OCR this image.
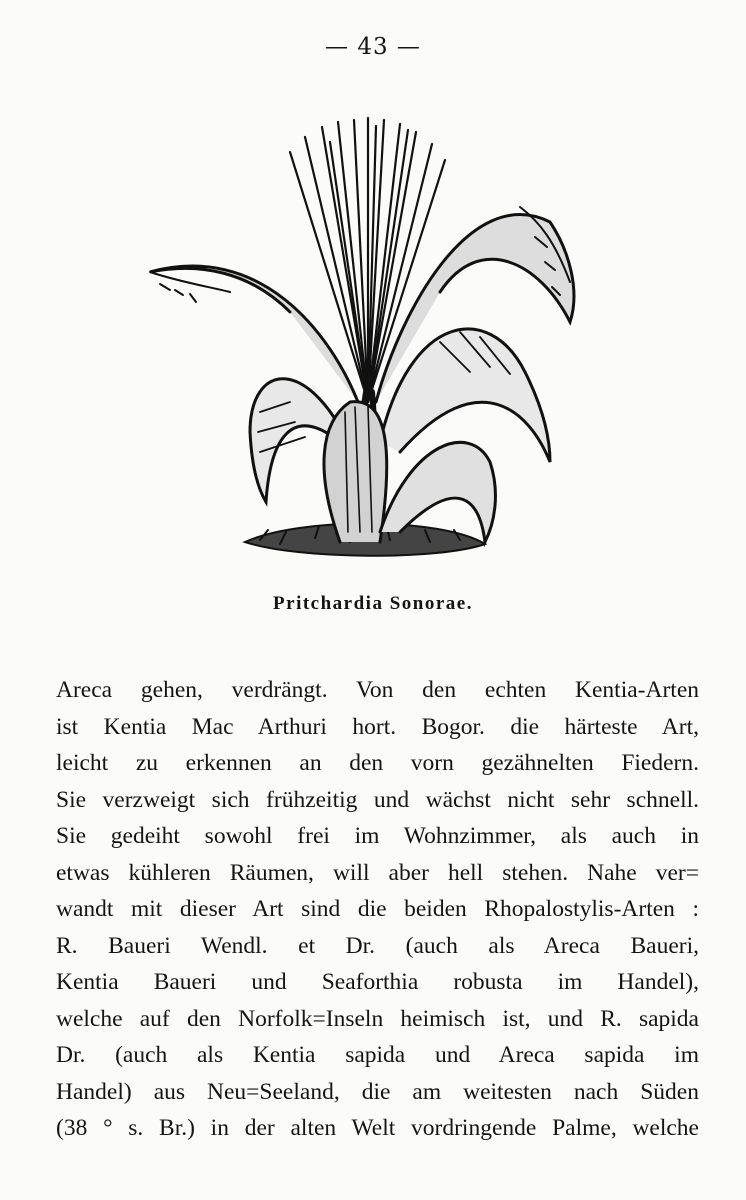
— 43 —
Pritchardia Sonorae.
Areca gehen, verdrängt. Von den echten Kentia-Arten
ist Kentia Mac Arthuri hort. Bogor. die härteste Art,
leicht zu erkennen an den vorn gezähnelten Fiedern.
Sie verzweigt sich frühzeitig und wächst nicht sehr schnell.
Sie gedeiht sowohl frei im Wohnzimmer, als auch in
etwas kühleren Räumen, will aber hell stehen. Nahe ver=
wandt mit dieser Art sind die beiden Rhopalostylis-Arten :
R. Baueri Wendl. et Dr. (auch als Areca Baueri,
Kentia Baueri und Seaforthia robusta im Handel),
welche auf den Norfolk=Inseln heimisch ist, und R. sapida
Dr. (auch als Kentia sapida und Areca sapida im
Handel) aus Neu=Seeland, die am weitesten nach Süden
(38 ° s. Br.) in der alten Welt vordringende Palme, welche
